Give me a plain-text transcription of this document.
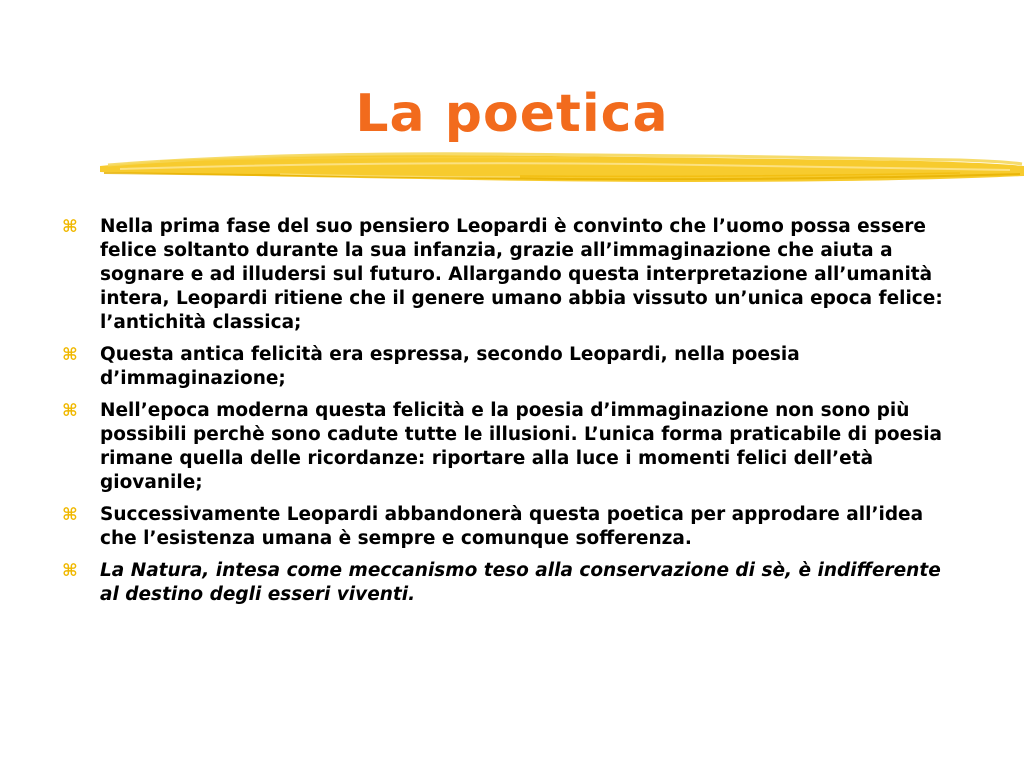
La poetica
⌘	Nella prima fase del suo pensiero Leopardi è convinto che l’uomo possa essere felice soltanto durante la sua infanzia, grazie all’immaginazione che aiuta a sognare e ad illudersi sul futuro. Allargando questa interpretazione all’umanità intera, Leopardi ritiene che il genere umano abbia vissuto un’unica epoca felice: l’antichità classica;
⌘	Questa antica felicità era espressa, secondo Leopardi, nella poesia d’immaginazione;
⌘	Nell’epoca moderna questa felicità e la poesia d’immaginazione non sono più possibili perchè sono cadute tutte le illusioni. L’unica forma praticabile di poesia rimane quella delle ricordanze: riportare alla luce i momenti felici dell’età giovanile;
⌘	Successivamente Leopardi abbandonerà questa poetica per approdare all’idea che l’esistenza umana è sempre e comunque sofferenza.
⌘	La Natura, intesa come meccanismo teso alla conservazione di sè, è indifferente al destino degli esseri viventi.
